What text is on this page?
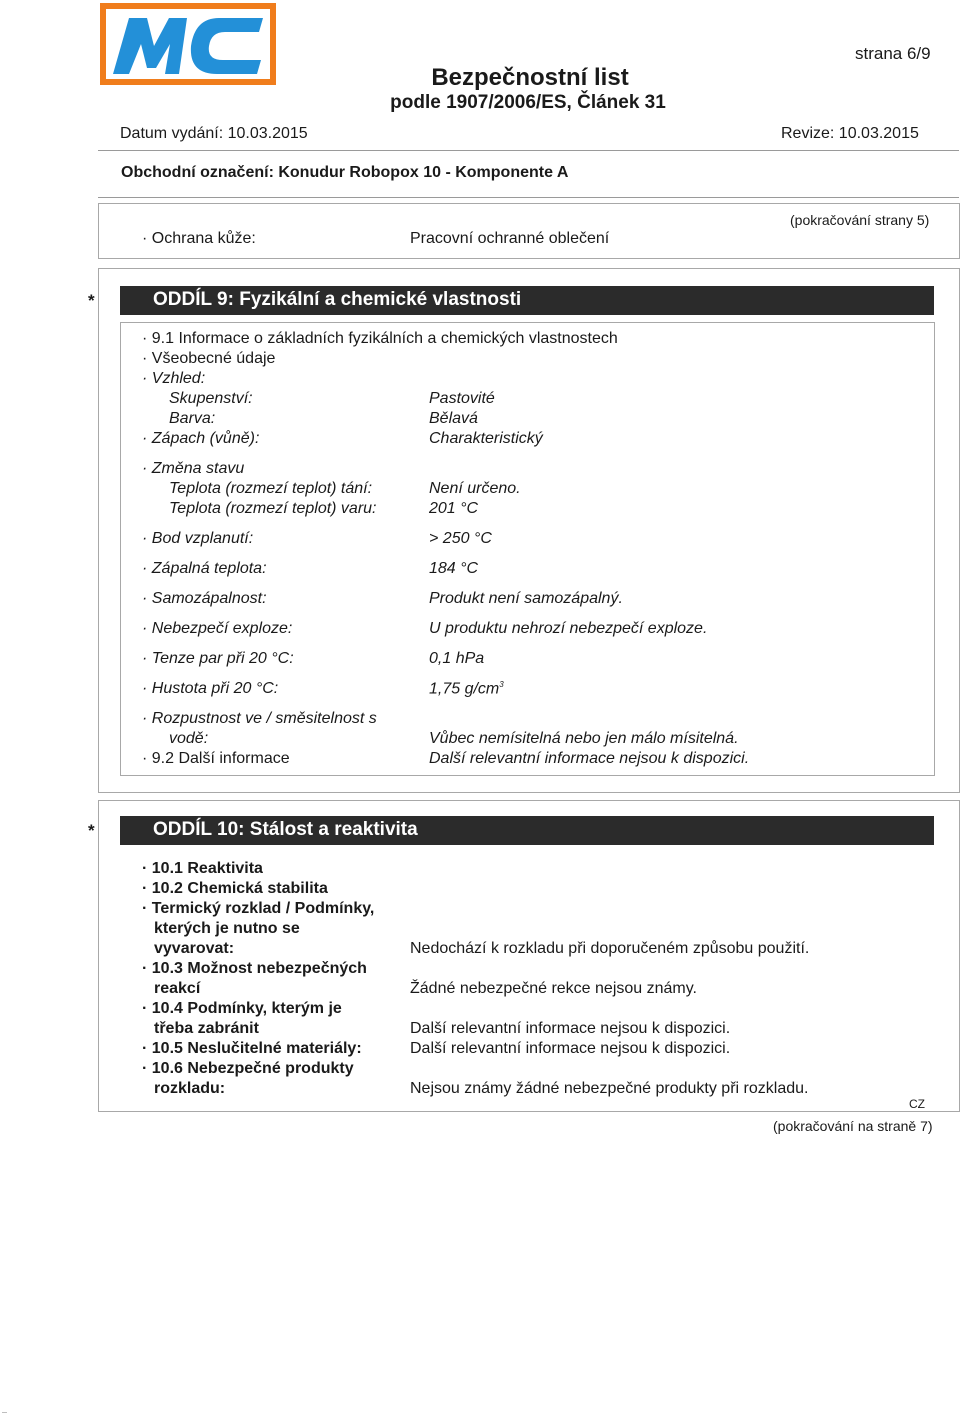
strana 6/9
Bezpečnostní list
podle 1907/2006/ES, Článek 31
Datum vydání: 10.03.2015	Revize: 10.03.2015
Obchodní označení: Konudur Robopox 10 - Komponente A
(pokračování strany 5)
· Ochrana kůže:	Pracovní ochranné oblečení
*	ODDÍL 9: Fyzikální a chemické vlastnosti
· 9.1 Informace o základních fyzikálních a chemických vlastnostech
· Všeobecné údaje
· Vzhled:
Skupenství:	Pastovité
Barva:	Bělavá
· Zápach (vůně):	Charakteristický
· Změna stavu
Teplota (rozmezí teplot) tání:	Není určeno.
Teplota (rozmezí teplot) varu:	201 °C
· Bod vzplanutí:	> 250 °C
· Zápalná teplota:	184 °C
· Samozápalnost:	Produkt není samozápalný.
· Nebezpečí exploze:	U produktu nehrozí nebezpečí exploze.
· Tenze par při 20 °C:	0,1 hPa
· Hustota při 20 °C:	1,75 $g/cm^3$
· Rozpustnost ve / směsitelnost s
vodě:	Vůbec nemísitelná nebo jen málo mísitelná.
· 9.2 Další informace	Další relevantní informace nejsou k dispozici.
*	ODDÍL 10: Stálost a reaktivita
· 10.1 Reaktivita
· 10.2 Chemická stabilita
· Termický rozklad / Podmínky,
kterých je nutno se
vyvarovat:	Nedochází k rozkladu při doporučeném způsobu použití.
· 10.3 Možnost nebezpečných
reakcí	Žádné nebezpečné rekce nejsou známy.
· 10.4 Podmínky, kterým je
třeba zabránit	Další relevantní informace nejsou k dispozici.
· 10.5 Neslučitelné materiály:	Další relevantní informace nejsou k dispozici.
· 10.6 Nebezpečné produkty
rozkladu:	Nejsou známy žádné nebezpečné produkty při rozkladu.
CZ
(pokračování na straně 7)
—
